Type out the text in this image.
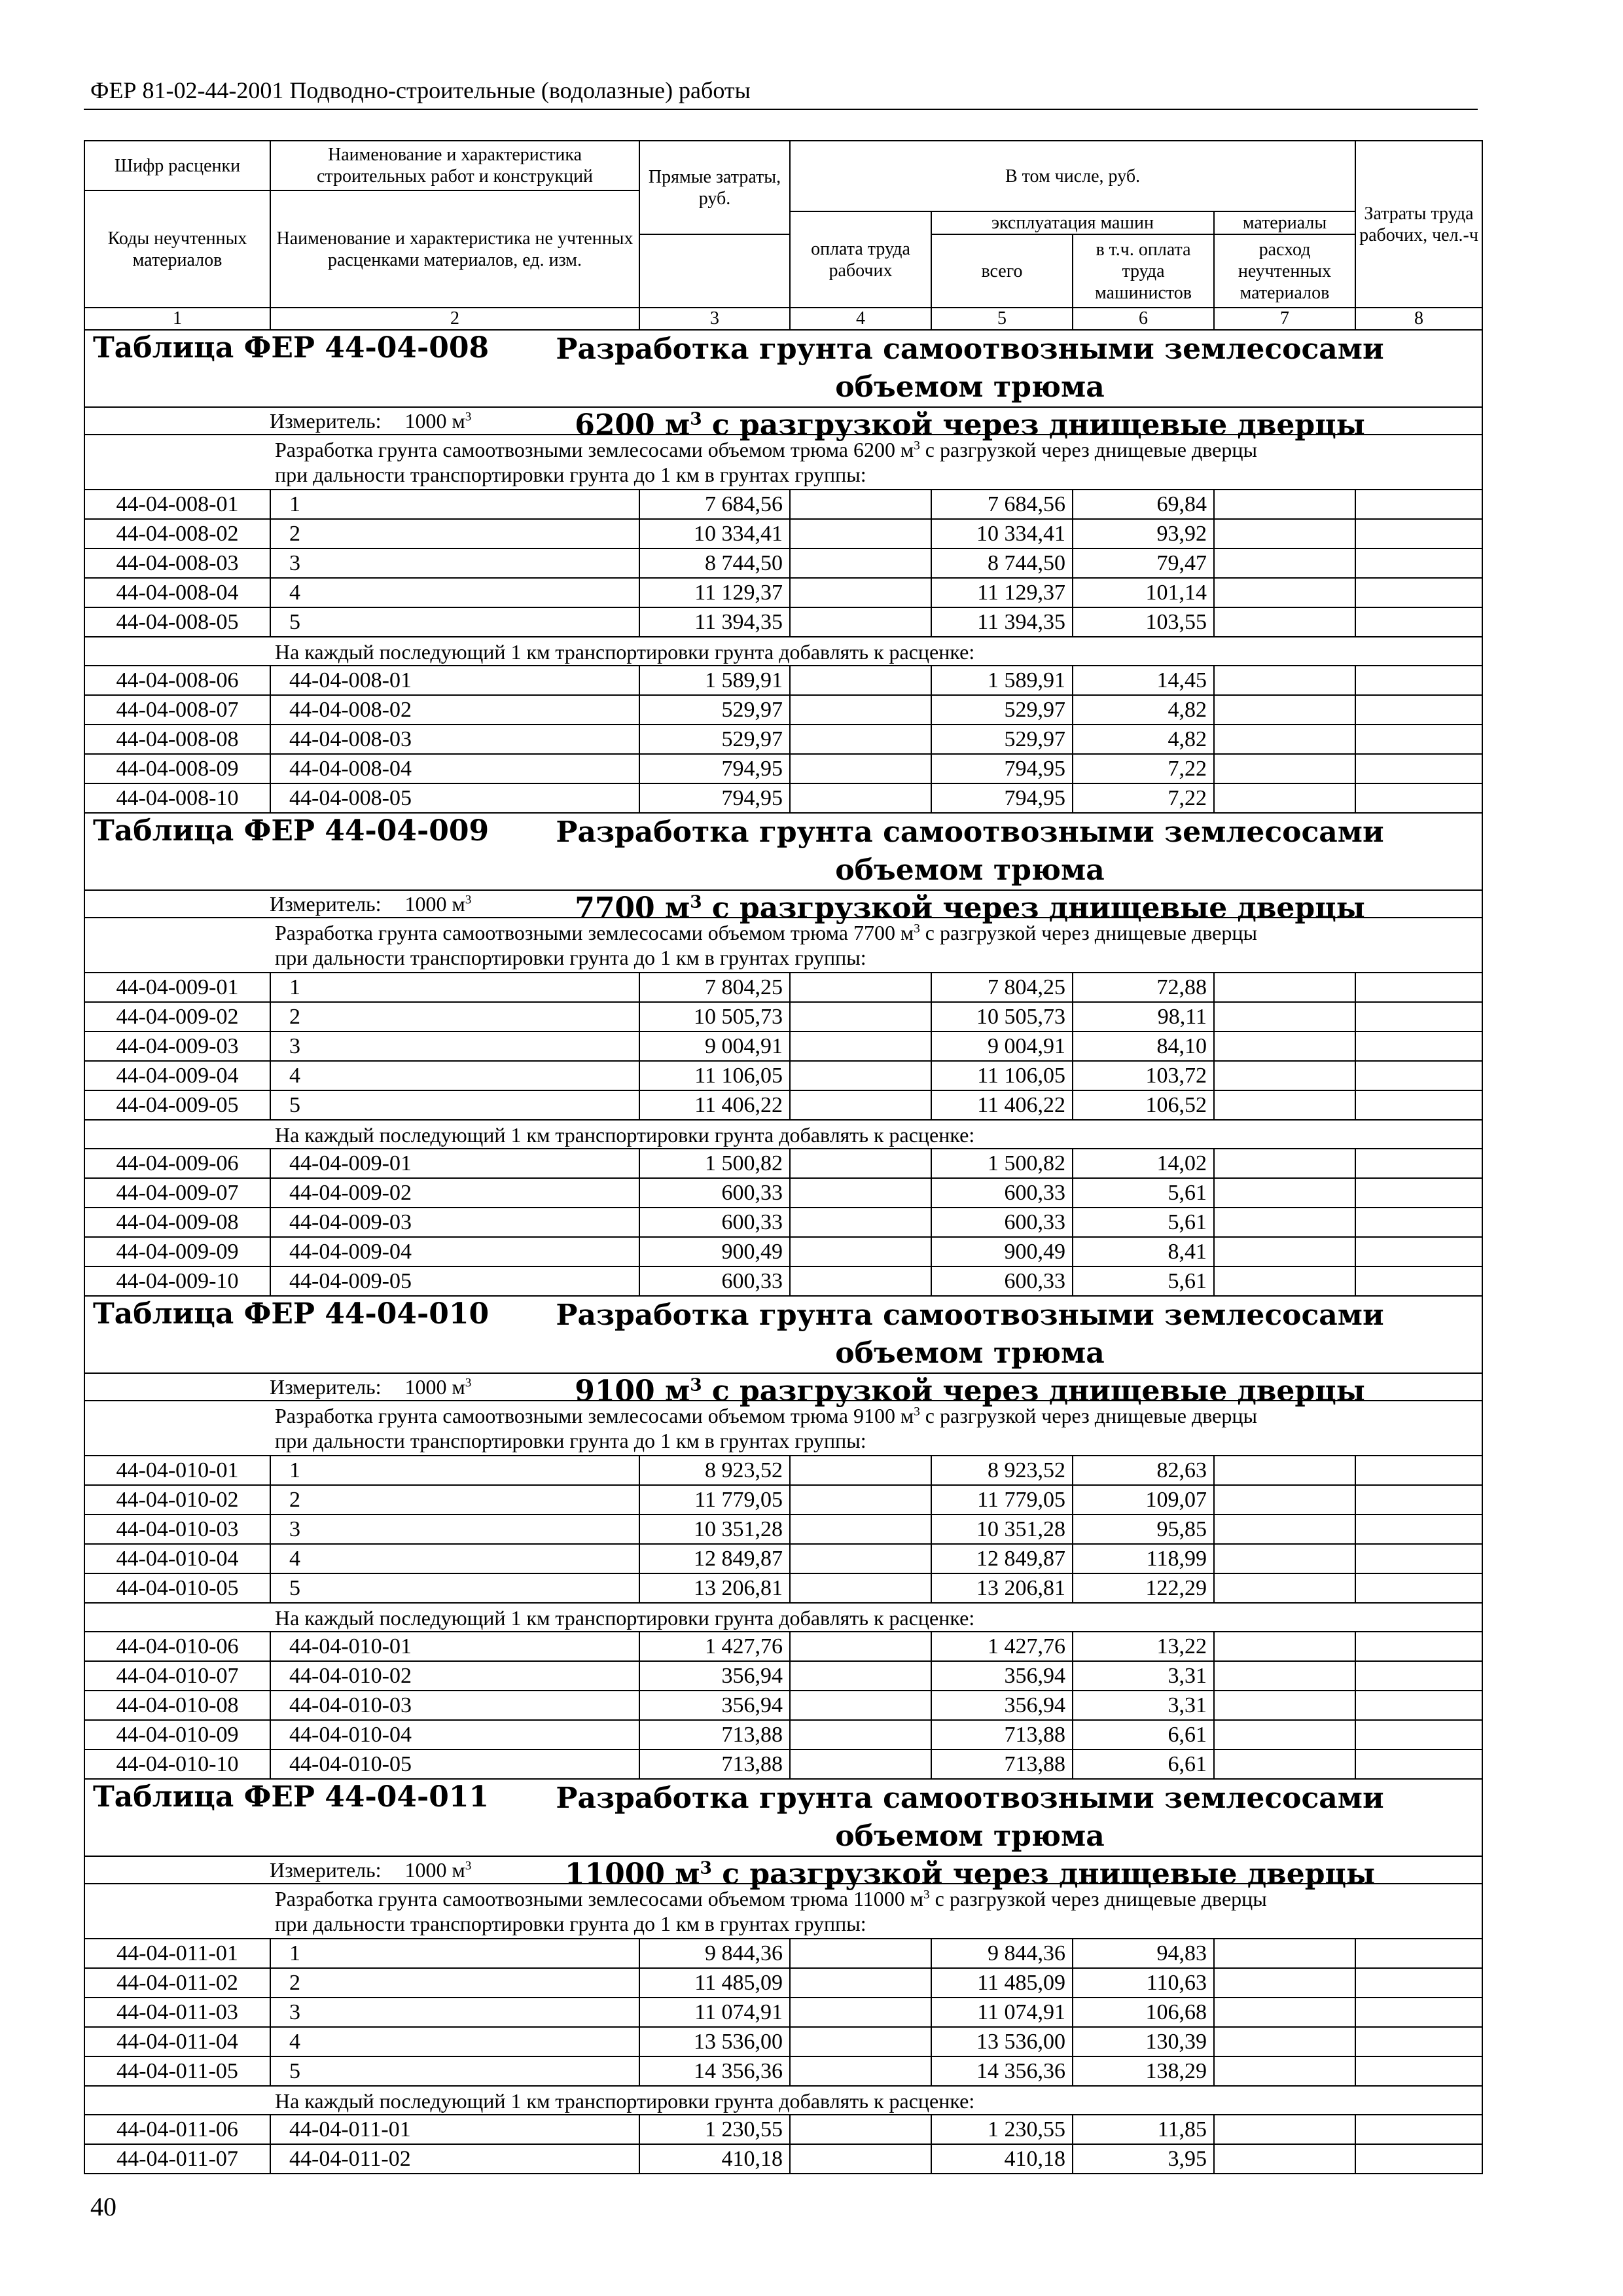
ФЕР 81-02-44-2001 Подводно-строительные (водолазные) работы
Шифр расценки	Наименование и характеристика строительных работ и конструкций	Прямые затраты, руб.	В том числе, руб.				Затраты труда рабочих, чел.-ч
Коды неучтенных материалов	Наименование и характеристика не учтенных расценками материалов, ед. изм.						
			оплата труда рабочих	эксплуатация машин		материалы	
				всего	в т.ч. оплата труда машинистов	расход неучтенных материалов	
1	2	3	4	5	6	7	8

Таблица ФЕР 44-04-008 Разработка грунта самоотвозными землесосами объемом трюма
6200 $м^3$ с разгрузкой через днищевые дверцы							

Измеритель: 1000 $м^3$

Разработка грунта самоотвозными землесосами объемом трюма 6200 $м^3$ с разгрузкой через днищевые дверцы
при дальности транспортировки грунта до 1 км в грунтах группы:							

44-04-008-01	1	7 684,56		7 684,56	69,84		
44-04-008-02	2	10 334,41		10 334,41	93,92		
44-04-008-03	3	8 744,50		8 744,50	79,47		
44-04-008-04	4	11 129,37		11 129,37	101,14		
44-04-008-05	5	11 394,35		11 394,35	103,55		

На каждый последующий 1 км транспортировки грунта добавлять к расценке:							

44-04-008-06	44-04-008-01	1 589,91		1 589,91	14,45		
44-04-008-07	44-04-008-02	529,97		529,97	4,82		
44-04-008-08	44-04-008-03	529,97		529,97	4,82		
44-04-008-09	44-04-008-04	794,95		794,95	7,22		
44-04-008-10	44-04-008-05	794,95		794,95	7,22		

Таблица ФЕР 44-04-009 Разработка грунта самоотвозными землесосами объемом трюма
7700 $м^3$ с разгрузкой через днищевые дверцы							

Измеритель: 1000 $м^3$

Разработка грунта самоотвозными землесосами объемом трюма 7700 $м^3$ с разгрузкой через днищевые дверцы
при дальности транспортировки грунта до 1 км в грунтах группы:							

44-04-009-01	1	7 804,25		7 804,25	72,88		
44-04-009-02	2	10 505,73		10 505,73	98,11		
44-04-009-03	3	9 004,91		9 004,91	84,10		
44-04-009-04	4	11 106,05		11 106,05	103,72		
44-04-009-05	5	11 406,22		11 406,22	106,52		

На каждый последующий 1 км транспортировки грунта добавлять к расценке:							

44-04-009-06	44-04-009-01	1 500,82		1 500,82	14,02		
44-04-009-07	44-04-009-02	600,33		600,33	5,61		
44-04-009-08	44-04-009-03	600,33		600,33	5,61		
44-04-009-09	44-04-009-04	900,49		900,49	8,41		
44-04-009-10	44-04-009-05	600,33		600,33	5,61		

Таблица ФЕР 44-04-010 Разработка грунта самоотвозными землесосами объемом трюма
9100 $м^3$ с разгрузкой через днищевые дверцы							

Измеритель: 1000 $м^3$

Разработка грунта самоотвозными землесосами объемом трюма 9100 $м^3$ с разгрузкой через днищевые дверцы
при дальности транспортировки грунта до 1 км в грунтах группы:							

44-04-010-01	1	8 923,52		8 923,52	82,63		
44-04-010-02	2	11 779,05		11 779,05	109,07		
44-04-010-03	3	10 351,28		10 351,28	95,85		
44-04-010-04	4	12 849,87		12 849,87	118,99		
44-04-010-05	5	13 206,81		13 206,81	122,29		

На каждый последующий 1 км транспортировки грунта добавлять к расценке:							

44-04-010-06	44-04-010-01	1 427,76		1 427,76	13,22		
44-04-010-07	44-04-010-02	356,94		356,94	3,31		
44-04-010-08	44-04-010-03	356,94		356,94	3,31		
44-04-010-09	44-04-010-04	713,88		713,88	6,61		
44-04-010-10	44-04-010-05	713,88		713,88	6,61		

Таблица ФЕР 44-04-011 Разработка грунта самоотвозными землесосами объемом трюма
11000 $м^3$ с разгрузкой через днищевые дверцы							

Измеритель: 1000 $м^3$

Разработка грунта самоотвозными землесосами объемом трюма 11000 $м^3$ с разгрузкой через днищевые дверцы
при дальности транспортировки грунта до 1 км в грунтах группы:							

44-04-011-01	1	9 844,36		9 844,36	94,83		
44-04-011-02	2	11 485,09		11 485,09	110,63		
44-04-011-03	3	11 074,91		11 074,91	106,68		
44-04-011-04	4	13 536,00		13 536,00	130,39		
44-04-011-05	5	14 356,36		14 356,36	138,29		

На каждый последующий 1 км транспортировки грунта добавлять к расценке:							

44-04-011-06	44-04-011-01	1 230,55		1 230,55	11,85		
44-04-011-07	44-04-011-02	410,18		410,18	3,95		
40
